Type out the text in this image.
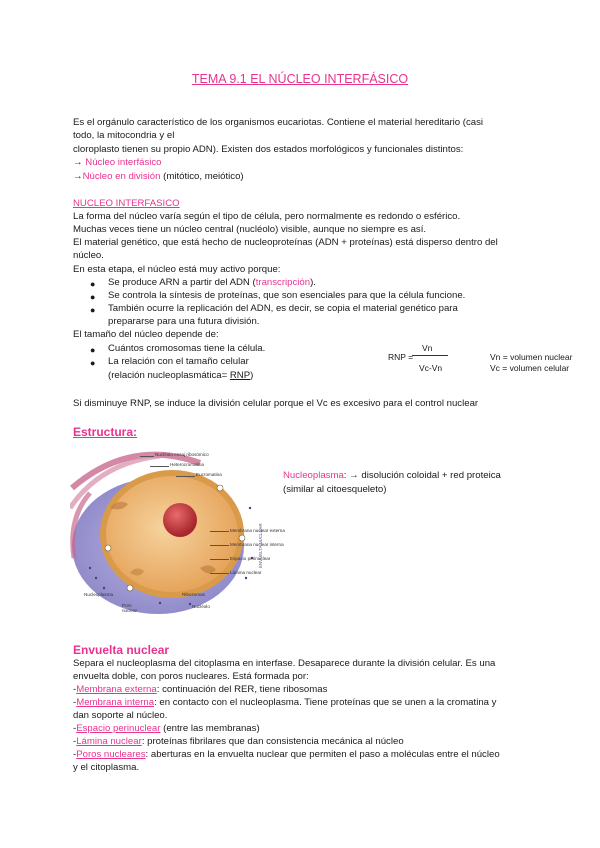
TEMA 9.1 EL NÚCLEO INTERFÁSICO
Es el orgánulo característico de los organismos eucariotas. Contiene el material hereditario (casi
todo, la mitocondria y el
cloroplasto tienen su propio ADN). Existen dos estados morfológicos y funcionales distintos:
→ Núcleo interfásico
→Núcleo en división (mitótico, meiótico)
NUCLEO INTERFASICO
La forma del núcleo varía según el tipo de célula, pero normalmente es redondo o esférico.
Muchas veces tiene un núcleo central (nucléolo) visible, aunque no siempre es así.
El material genético, que está hecho de nucleoproteínas (ADN + proteínas) está disperso dentro del
núcleo.
En esta etapa, el núcleo está muy activo porque:
● Se produce ARN a partir del ADN (transcripción).
● Se controla la síntesis de proteínas, que son esenciales para que la célula funcione.
● También ocurre la replicación del ADN, es decir, se copia el material genético para
prepararse para una futura división.
El tamaño del núcleo depende de:
● Cuántos cromosomas tiene la célula.
● La relación con el tamaño celular
(relación nucleoplasmática= RNP)
RNP =
Vn
Vc-Vn
Vn = volumen nuclear
Vc = volumen celular
Si disminuye RNP, se induce la división celular porque el Vc es excesivo para el control nuclear
Estructura:
Nucléolo ensaj ribosómico
Heterocromatina
Eucromatina
Membrana nuclear externa
Membrana nuclear interna
Espacio perinuclear
Lámina nuclear
ENVUELTA NUCLEAR
Nucleoplasma
Poro nuclear
Ribosomas
Nucléolo
Nucleoplasma: → disolución coloidal + red proteica
(similar al citoesqueleto)
Envuelta nuclear
Separa el nucleoplasma del citoplasma en interfase. Desaparece durante la división celular. Es una
envuelta doble, con poros nucleares. Está formada por:
-Membrana externa: continuación del RER, tiene ribosomas
-Membrana interna: en contacto con el nucleoplasma. Tiene proteínas que se unen a la cromatina y
dan soporte al núcleo.
-Espacio perinuclear (entre las membranas)
-Lámina nuclear: proteínas fibrilares que dan consistencia mecánica al núcleo
-Poros nucleares: aberturas en la envuelta nuclear que permiten el paso a moléculas entre el núcleo
y el citoplasma.
